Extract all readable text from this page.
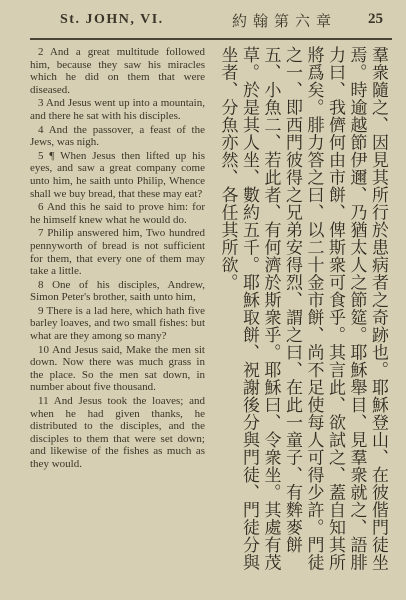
St. JOHN, VI.	約翰第六章 25

2 And a great multitude followed him, because they saw his miracles which he did on them that were diseased.

3 And Jesus went up into a mountain, and there he sat with his disciples.

4 And the passover, a feast of the Jews, was nigh.

5 ¶ When Jesus then lifted up his eyes, and saw a great company come unto him, he saith unto Philip, Whence shall we buy bread, that these may eat?

6 And this he said to prove him: for he himself knew what he would do.

7 Philip answered him, Two hundred pennyworth of bread is not sufficient for them, that every one of them may take a little.

8 One of his disciples, Andrew, Simon Peter's brother, saith unto him,

9 There is a lad here, which hath five barley loaves, and two small fishes: but what are they among so many?

10 And Jesus said, Make the men sit down. Now there was much grass in the place. So the men sat down, in number about five thousand.

11 And Jesus took the loaves; and when he had given thanks, he distributed to the disciples, and the disciples to them that were set down; and likewise of the fishes as much as they would.	羣衆隨之、因見其所行於患病者之奇跡也。耶穌登山、在彼偕門徒坐焉。時逾越節伊邇、乃猶太人之節筵。耶穌舉目、見羣衆就之、語腓力曰、我儕何由市餅、俾斯衆可食乎。其言此、欲試之、蓋自知其所將爲矣。腓力答之曰、以二十金市餅、尚不足使每人可得少許。門徒之一、即西門彼得之兄弟安得烈、謂之曰、在此一童子、有麰麥餅五、小魚二、若此者、有何濟於斯衆乎。耶穌曰、令衆坐。其處有茂草。於是其人坐、數約五千。耶穌取餅、祝謝後分與門徒、門徒分與坐者、分魚亦然、各任其所欲。
